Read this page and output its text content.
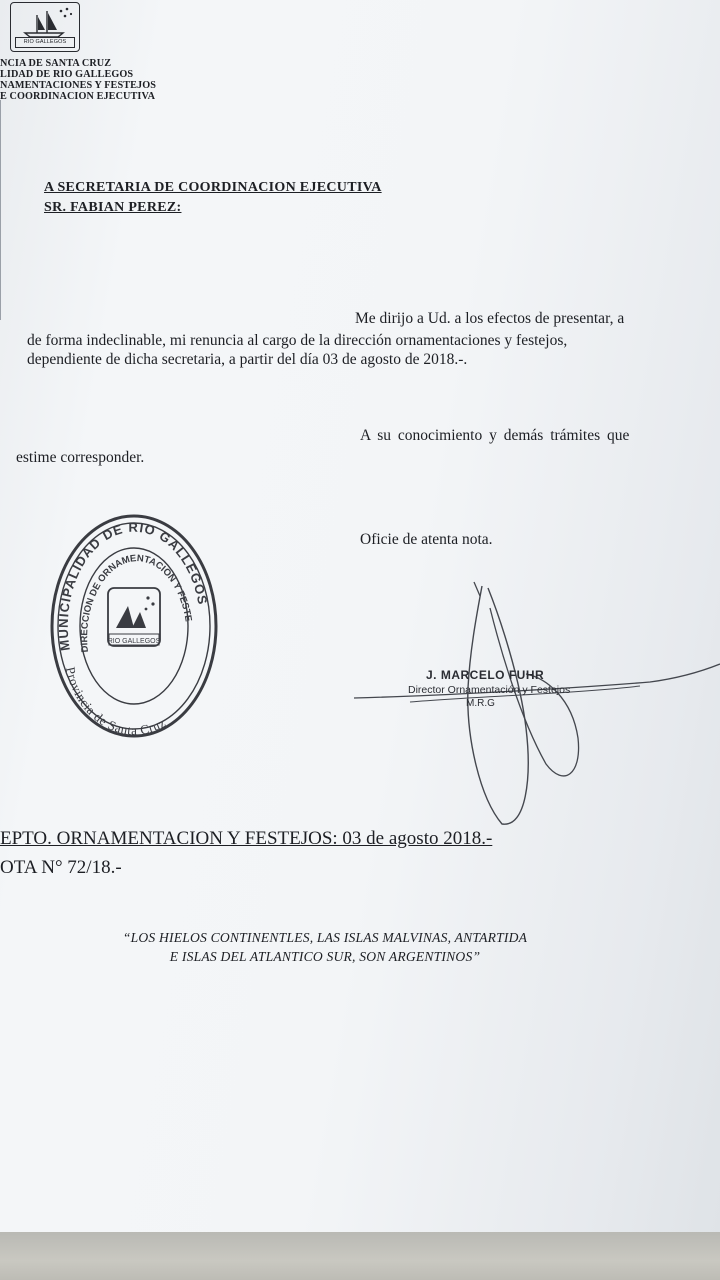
RIO GALLEGOS
NCIA DE SANTA CRUZ
LIDAD DE RIO GALLEGOS
NAMENTACIONES Y FESTEJOS
E COORDINACION EJECUTIVA
A SECRETARIA DE COORDINACION EJECUTIVA
SR. FABIAN PEREZ:
Me dirijo a Ud. a los efectos de presentar, a
de forma indeclinable, mi renuncia al cargo de la dirección ornamentaciones y festejos,
dependiente de dicha secretaria, a partir del día 03 de agosto de 2018.-.
A su conocimiento y demás trámites que
estime corresponder.
Oficie de atenta nota.
MUNICIPALIDAD DE RIO GALLEGOS
DIRECCION DE ORNAMENTACION Y FESTE
Provincia de Santa Cruz
RIO GALLEGOS
J. MARCELO FUHR
Director Ornamentación y Festejos
M.R.G
EPTO. ORNAMENTACION Y FESTEJOS: 03 de agosto 2018.-
OTA N° 72/18.-
“LOS HIELOS CONTINENTLES, LAS ISLAS MALVINAS, ANTARTIDA
E ISLAS DEL ATLANTICO SUR, SON ARGENTINOS”
